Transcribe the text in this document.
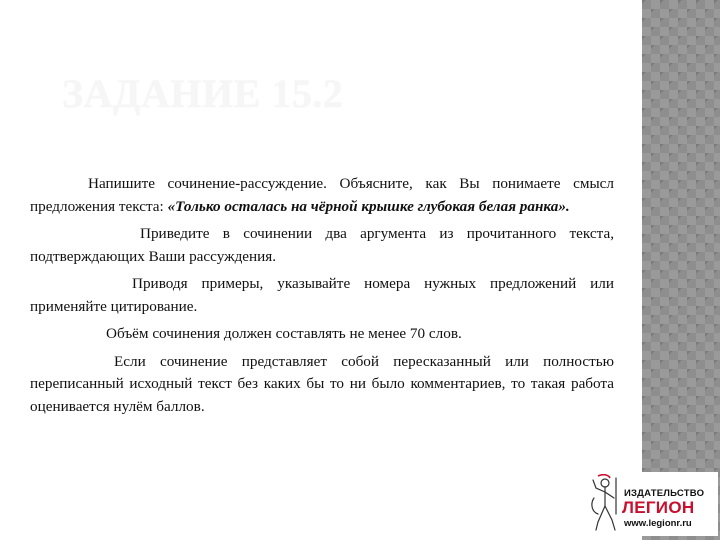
ЗАДАНИЕ 15.2

Напишите сочинение-рассуждение. Объясните, как Вы понимаете смысл предложения текста: «Только осталась на чёрной крышке глубокая белая ранка».

Приведите в сочинении два аргумента из прочитанного текста, подтверждающих Ваши рассуждения.

Приводя примеры, указывайте номера нужных предложений или применяйте цитирование.

Объём сочинения должен составлять не менее 70 слов.

Если сочинение представляет собой пересказанный или полностью переписанный исходный текст без каких бы то ни было комментариев, то такая работа оценивается нулём баллов.

ИЗДАТЕЛЬСТВО
ЛЕГИОН
www.legionr.ru
